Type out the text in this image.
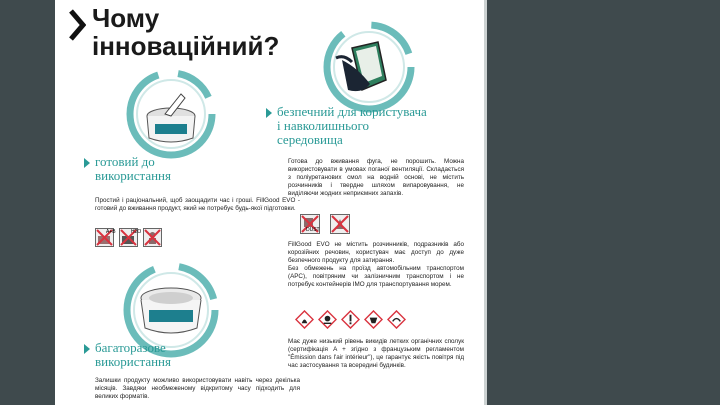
Чому
інноваційний?
готовий до
використання
Простий і раціональний, щоб заощадити час і гроші. FillGood EVO - готовий до вживання продукт, який не потребує будь-якої підготовки.
A+B	H2O
багаторазове
використання
Залишки продукту можливо використовувати навіть через декілька місяців. Завдяки необмеженому відкритому часу підходить для великих форматів.
безпечний для користувача
і навколишнього
середовища
Готова до вживання фуга, не порошить. Можна використовувати в умовах поганої вентиляції. Складається з поліуретанових смол на водній основі, не містить розчинників і твердне шляхом випаровування, не виділяючи жодних неприємних запахів.
DUST
FillGood EVO не містить розчинників, подразників або корозійних речовин, користувач має доступ до дуже безпечного продукту для затирання.
Без обмежень на проїзд автомобільним транспортом (АРС), повітряним чи залізничним транспортом і не потребує контейнерів IMO для транспортування морем.
Має дуже низький рівень викидів летких органічних сполук (сертифікація A + згідно з французьким регламентом "Émission dans l'air intérieur"), це гарантує якість повітря під час застосування та всередині будинків.
